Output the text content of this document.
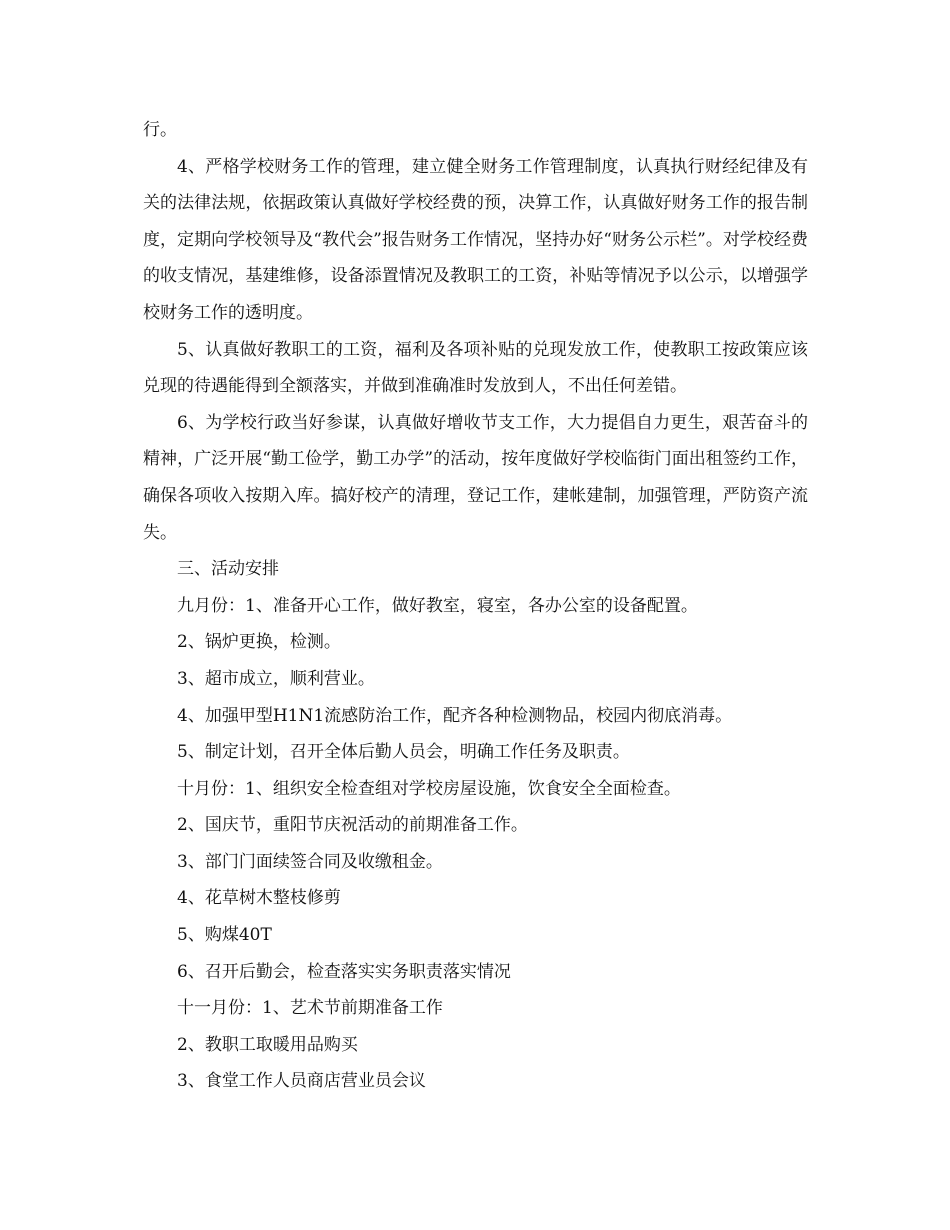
行。

4、严格学校财务工作的管理，建立健全财务工作管理制度，认真执行财经纪律及有关的法律法规，依据政策认真做好学校经费的预，决算工作，认真做好财务工作的报告制度，定期向学校领导及“教代会”报告财务工作情况，坚持办好“财务公示栏”。对学校经费的收支情况，基建维修，设备添置情况及教职工的工资，补贴等情况予以公示，以增强学校财务工作的透明度。

5、认真做好教职工的工资，福利及各项补贴的兑现发放工作，使教职工按政策应该兑现的待遇能得到全额落实，并做到准确准时发放到人，不出任何差错。

6、为学校行政当好参谋，认真做好增收节支工作，大力提倡自力更生，艰苦奋斗的精神，广泛开展“勤工俭学，勤工办学”的活动，按年度做好学校临街门面出租签约工作，确保各项收入按期入库。搞好校产的清理，登记工作，建帐建制，加强管理，严防资产流失。

三、活动安排

九月份：1、准备开心工作，做好教室，寝室，各办公室的设备配置。

2、锅炉更换，检测。

3、超市成立，顺利营业。

4、加强甲型H1N1流感防治工作，配齐各种检测物品，校园内彻底消毒。

5、制定计划，召开全体后勤人员会，明确工作任务及职责。

十月份：1、组织安全检查组对学校房屋设施，饮食安全全面检查。

2、国庆节，重阳节庆祝活动的前期准备工作。

3、部门门面续签合同及收缴租金。

4、花草树木整枝修剪

5、购煤40T

6、召开后勤会，检查落实实务职责落实情况

十一月份：1、艺术节前期准备工作

2、教职工取暖用品购买

3、食堂工作人员商店营业员会议
